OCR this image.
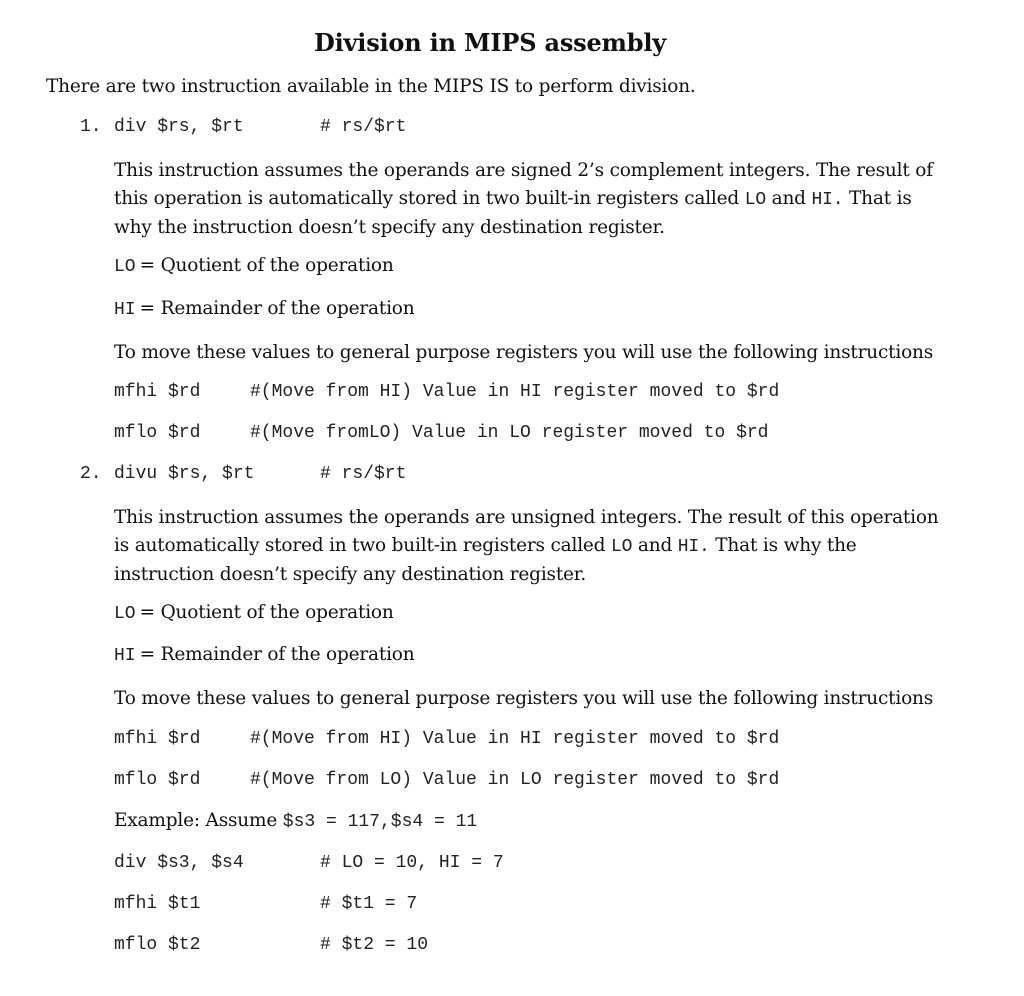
Division in MIPS assembly
There are two instruction available in the MIPS IS to perform division.
1. div $rs, $rt	# rs/$rt
This instruction assumes the operands are signed 2’s complement integers. The result of this operation is automatically stored in two built-in registers called LO and HI. That is why the instruction doesn’t specify any destination register.
LO = Quotient of the operation
HI = Remainder of the operation
To move these values to general purpose registers you will use the following instructions
mfhi $rd	#(Move from HI) Value in HI register moved to $rd
mflo $rd	#(Move fromLO) Value in LO register moved to $rd
2. divu $rs, $rt	# rs/$rt
This instruction assumes the operands are unsigned integers. The result of this operation is automatically stored in two built-in registers called LO and HI. That is why the instruction doesn’t specify any destination register.
LO = Quotient of the operation
HI = Remainder of the operation
To move these values to general purpose registers you will use the following instructions
mfhi $rd	#(Move from HI) Value in HI register moved to $rd
mflo $rd	#(Move from LO) Value in LO register moved to $rd
Example: Assume $s3 = 117,$s4 = 11
div $s3, $s4	# LO = 10, HI = 7
mfhi $t1	# $t1 = 7
mflo $t2	# $t2 = 10
